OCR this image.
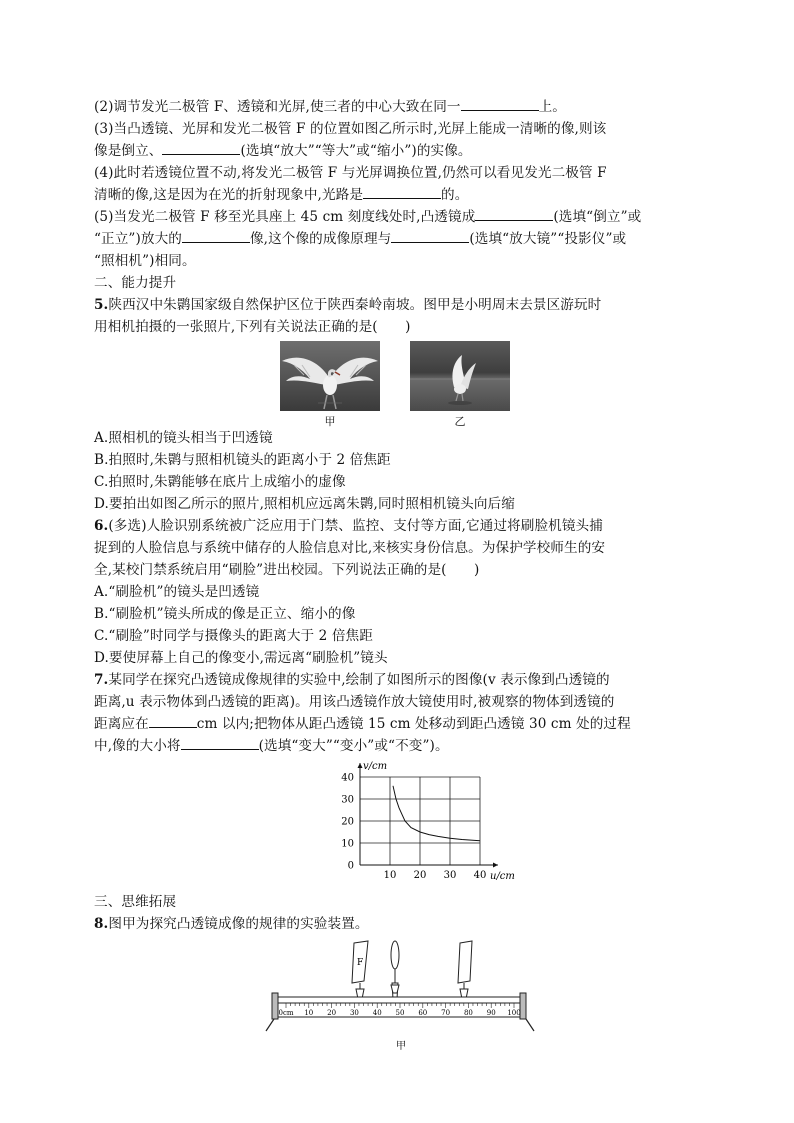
(2)调节发光二极管 F、透镜和光屏,使三者的中心大致在同一	上。
(3)当凸透镜、光屏和发光二极管 F 的位置如图乙所示时,光屏上能成一清晰的像,则该
像是倒立、	(选填“放大”“等大”或“缩小”)的实像。
(4)此时若透镜位置不动,将发光二极管 F 与光屏调换位置,仍然可以看见发光二极管 F
清晰的像,这是因为在光的折射现象中,光路是	的。
(5)当发光二极管 F 移至光具座上 45 cm 刻度线处时,凸透镜成	(选填“倒立”或
“正立”)放大的	像,这个像的成像原理与	(选填“放大镜”“投影仪”或
“照相机”)相同。
二、能力提升
5.陕西汉中朱鹮国家级自然保护区位于陕西秦岭南坡。图甲是小明周末去景区游玩时
用相机拍摄的一张照片,下列有关说法正确的是(　　)
甲	乙
A.照相机的镜头相当于凹透镜
B.拍照时,朱鹮与照相机镜头的距离小于 2 倍焦距
C.拍照时,朱鹮能够在底片上成缩小的虚像
D.要拍出如图乙所示的照片,照相机应远离朱鹮,同时照相机镜头向后缩
6.(多选)人脸识别系统被广泛应用于门禁、监控、支付等方面,它通过将刷脸机镜头捕
捉到的人脸信息与系统中储存的人脸信息对比,来核实身份信息。为保护学校师生的安
全,某校门禁系统启用“刷脸”进出校园。下列说法正确的是(　　)
A.“刷脸机”的镜头是凹透镜
B.“刷脸机”镜头所成的像是正立、缩小的像
C.“刷脸”时同学与摄像头的距离大于 2 倍焦距
D.要使屏幕上自己的像变小,需远离“刷脸机”镜头
7.某同学在探究凸透镜成像规律的实验中,绘制了如图所示的图像(v 表示像到凸透镜的
距离,u 表示物体到凸透镜的距离)。用该凸透镜作放大镜使用时,被观察的物体到透镜的
距离应在	cm 以内;把物体从距凸透镜 15 cm 处移动到距凸透镜 30 cm 处的过程
中,像的大小将	(选填“变大”“变小”或“不变”)。
10 20 30 40
0
10
20
30
40
v/cm
u/cm
三、思维拓展
8.图甲为探究凸透镜成像的规律的实验装置。
F
0cm 10 20 30 40 50 60 70 80 90 100
甲
